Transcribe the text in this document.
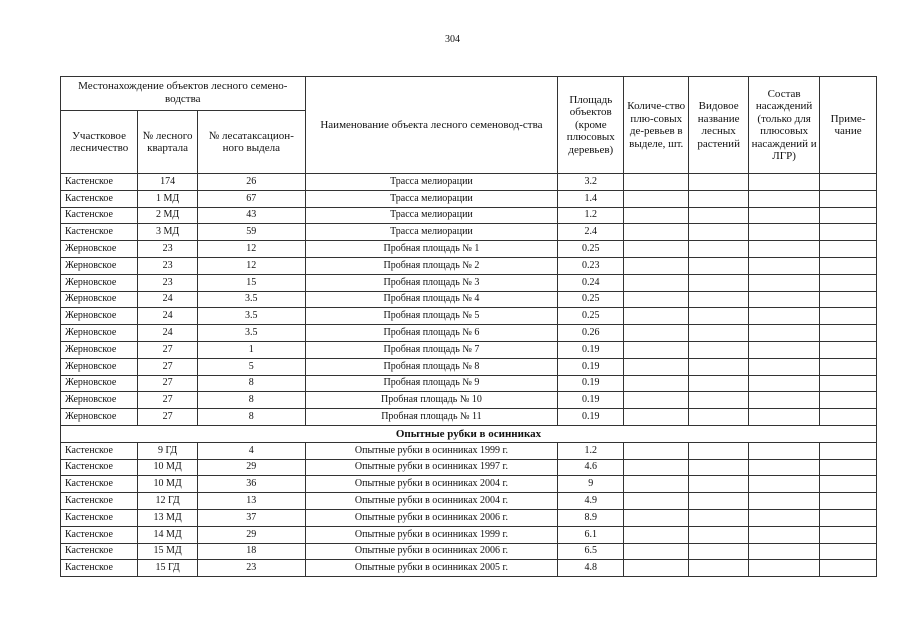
304
Местонахождение объектов лесного семено-водства			Наименование объекта лесного семеновод-ства	Площадь объектов (кроме плюсовых деревьев)	Количе-ство плю-совых де-ревьев в выделе, шт.	Видовое название лесных растений	Состав насаждений (только для плюсовых насаждений и ЛГР)	Приме-чание
Участковое лесничество	№ лесного квартала	№ лесатаксацион-ного выдела						
Кастенское	174	26	Трасса мелиорации	3.2				
Кастенское	1 МД	67	Трасса мелиорации	1.4				
Кастенское	2 МД	43	Трасса мелиорации	1.2				
Кастенское	3 МД	59	Трасса мелиорации	2.4				
Жерновское	23	12	Пробная площадь № 1	0.25				
Жерновское	23	12	Пробная площадь № 2	0.23				
Жерновское	23	15	Пробная площадь № 3	0.24				
Жерновское	24	3.5	Пробная площадь № 4	0.25				
Жерновское	24	3.5	Пробная площадь № 5	0.25				
Жерновское	24	3.5	Пробная площадь № 6	0.26				
Жерновское	27	1	Пробная площадь № 7	0.19				
Жерновское	27	5	Пробная площадь № 8	0.19				
Жерновское	27	8	Пробная площадь № 9	0.19				
Жерновское	27	8	Пробная площадь № 10	0.19				
Жерновское	27	8	Пробная площадь № 11	0.19				
Опытные рубки в осинниках								
Кастенское	9 ГД	4	Опытные рубки в осинниках 1999 г.	1.2				
Кастенское	10 МД	29	Опытные рубки в осинниках 1997 г.	4.6				
Кастенское	10 МД	36	Опытные рубки в осинниках 2004 г.	9				
Кастенское	12 ГД	13	Опытные рубки в осинниках 2004 г.	4.9				
Кастенское	13 МД	37	Опытные рубки в осинниках 2006 г.	8.9				
Кастенское	14 МД	29	Опытные рубки в осинниках 1999 г.	6.1				
Кастенское	15 МД	18	Опытные рубки в осинниках 2006 г.	6.5				
Кастенское	15 ГД	23	Опытные рубки в осинниках 2005 г.	4.8				
